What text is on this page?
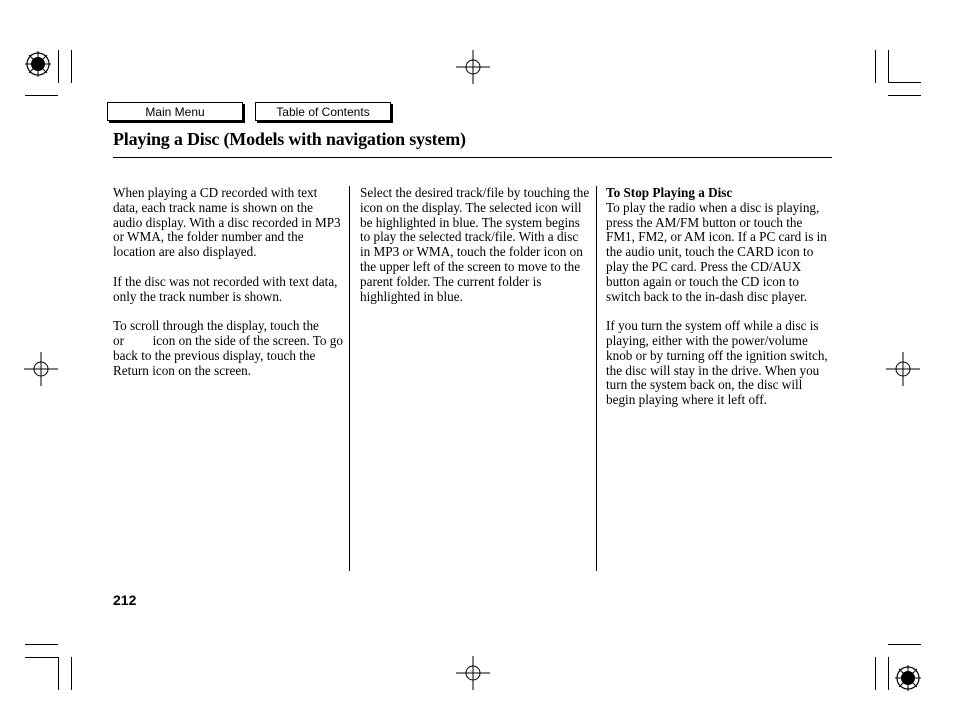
Main Menu	Table of Contents
Playing a Disc (Models with navigation system)

When playing a CD recorded with text data, each track name is shown on the audio display. With a disc recorded in MP3 or WMA, the folder number and the location are also displayed.

If the disc was not recorded with text data, only the track number is shown.

To scroll through the display, touch the  or icon on the side of the screen. To go back to the previous display, touch the Return icon on the screen.

Select the desired track/file by touching the icon on the display. The selected icon will be highlighted in blue. The system begins to play the selected track/file. With a disc in MP3 or WMA, touch the folder icon on the upper left of the screen to move to the parent folder. The current folder is highlighted in blue.

To Stop Playing a Disc

To play the radio when a disc is playing, press the AM/FM button or touch the FM1, FM2, or AM icon. If a PC card is in the audio unit, touch the CARD icon to play the PC card. Press the CD/AUX button again or touch the CD icon to switch back to the in-dash disc player.

If you turn the system off while a disc is playing, either with the power/volume knob or by turning off the ignition switch, the disc will stay in the drive. When you turn the system back on, the disc will begin playing where it left off.

212
